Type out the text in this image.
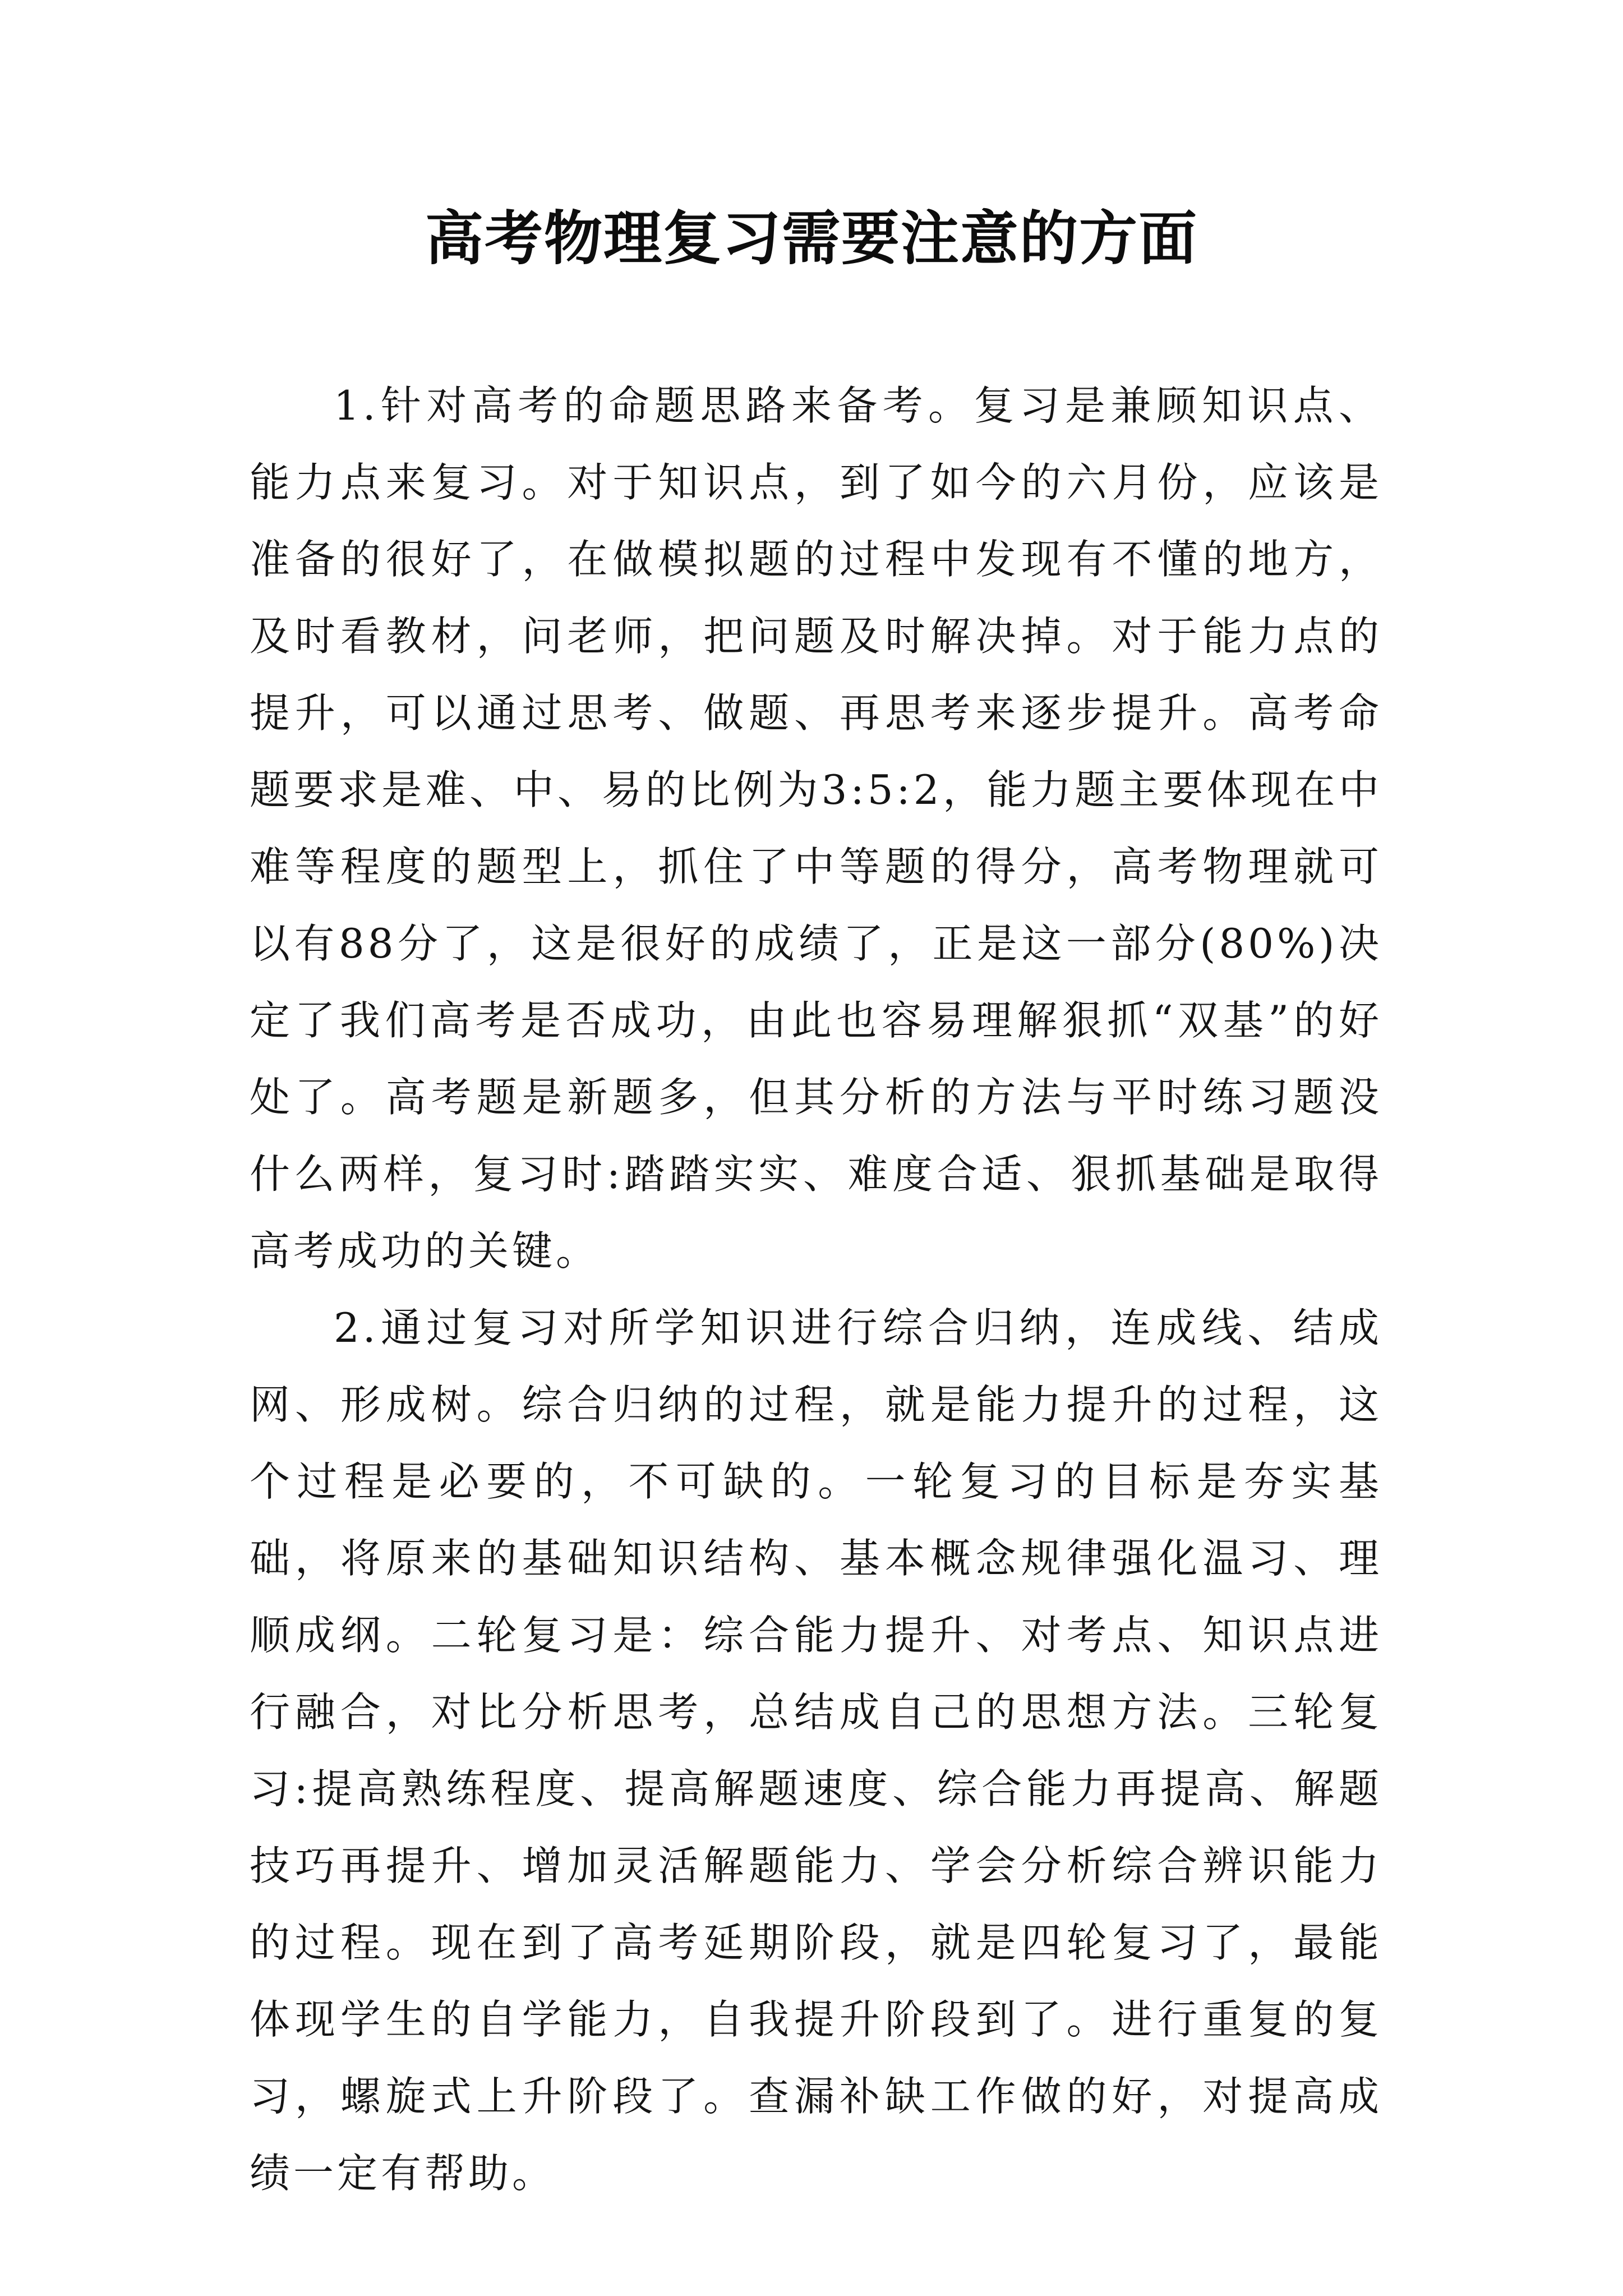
高考物理复习需要注意的方面

1.针对高考的命题思路来备考。复习是兼顾知识点、能力点来复习。对于知识点，到了如今的六月份，应该是准备的很好了，在做模拟题的过程中发现有不懂的地方，及时看教材，问老师，把问题及时解决掉。对于能力点的提升，可以通过思考、做题、再思考来逐步提升。高考命题要求是难、中、易的比例为3:5:2，能力题主要体现在中难等程度的题型上，抓住了中等题的得分，高考物理就可以有88分了，这是很好的成绩了，正是这一部分(80%)决定了我们高考是否成功，由此也容易理解狠抓“双基”的好处了。高考题是新题多，但其分析的方法与平时练习题没什么两样，复习时:踏踏实实、难度合适、狠抓基础是取得高考成功的关键。

2.通过复习对所学知识进行综合归纳，连成线、结成网、形成树。综合归纳的过程，就是能力提升的过程，这个过程是必要的，不可缺的。一轮复习的目标是夯实基础，将原来的基础知识结构、基本概念规律强化温习、理顺成纲。二轮复习是：综合能力提升、对考点、知识点进行融合，对比分析思考，总结成自己的思想方法。三轮复习:提高熟练程度、提高解题速度、综合能力再提高、解题技巧再提升、增加灵活解题能力、学会分析综合辨识能力的过程。现在到了高考延期阶段，就是四轮复习了，最能体现学生的自学能力，自我提升阶段到了。进行重复的复习，螺旋式上升阶段了。查漏补缺工作做的好，对提高成绩一定有帮助。
